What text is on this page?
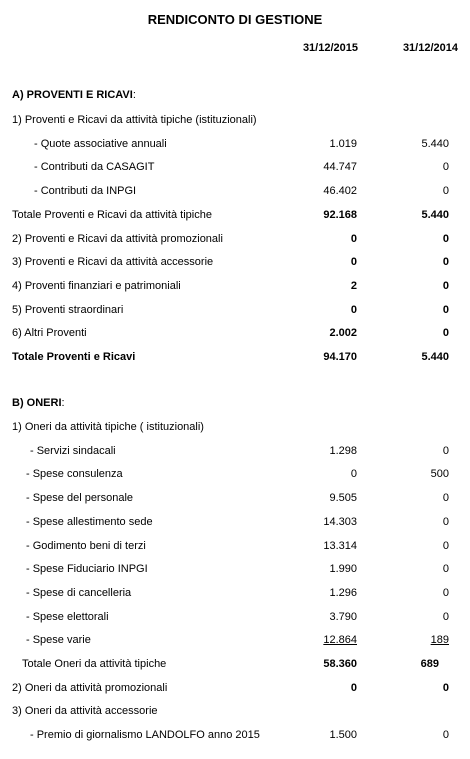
RENDICONTO DI GESTIONE
31/12/2015	31/12/2014
A) PROVENTI E RICAVI:
1) Proventi e Ricavi da attività tipiche (istituzionali)
- Quote associative annuali	1.019	5.440
- Contributi da CASAGIT	44.747	0
- Contributi da INPGI	46.402	0
Totale Proventi e Ricavi da attività tipiche	92.168	5.440
2) Proventi e Ricavi da attività promozionali	0	0
3) Proventi e Ricavi da attività accessorie	0	0
4) Proventi finanziari e patrimoniali	2	0
5) Proventi straordinari	0	0
6) Altri Proventi	2.002	0
Totale Proventi e Ricavi	94.170	5.440
B) ONERI:
1) Oneri da attività tipiche ( istituzionali)
- Servizi sindacali	1.298	0
- Spese consulenza	0	500
- Spese del personale	9.505	0
- Spese allestimento sede	14.303	0
- Godimento beni di terzi	13.314	0
- Spese Fiduciario INPGI	1.990	0
- Spese di cancelleria	1.296	0
- Spese elettorali	3.790	0
- Spese varie	12.864	189
Totale Oneri da attività tipiche	58.360	689
2) Oneri da attività promozionali	0	0
3) Oneri da attività accessorie
- Premio di giornalismo LANDOLFO anno 2015	1.500	0
